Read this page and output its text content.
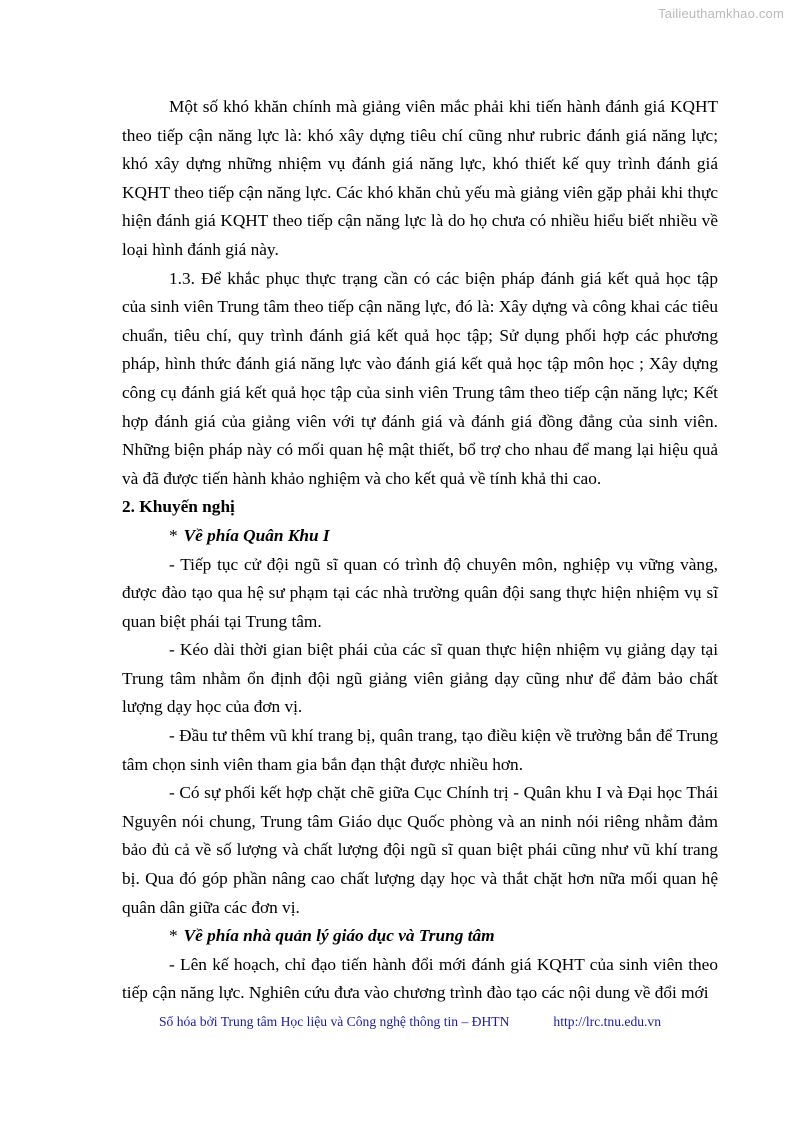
Tailieuthamkhao.com

Một số khó khăn chính mà giảng viên mắc phải khi tiến hành đánh giá KQHT theo tiếp cận năng lực là: khó xây dựng tiêu chí cũng như rubric đánh giá năng lực; khó xây dựng những nhiệm vụ đánh giá năng lực, khó thiết kế quy trình đánh giá KQHT theo tiếp cận năng lực. Các khó khăn chủ yếu mà giảng viên gặp phải khi thực hiện đánh giá KQHT theo tiếp cận năng lực là do họ chưa có nhiều hiểu biết nhiều về loại hình đánh giá này.

1.3. Để khắc phục thực trạng cần có các biện pháp đánh giá kết quả học tập của sinh viên Trung tâm theo tiếp cận năng lực, đó là: Xây dựng và công khai các tiêu chuẩn, tiêu chí, quy trình đánh giá kết quả học tập; Sử dụng phối hợp các phương pháp, hình thức đánh giá năng lực vào đánh giá kết quả học tập môn học ; Xây dựng công cụ đánh giá kết quả học tập của sinh viên Trung tâm theo tiếp cận năng lực; Kết hợp đánh giá của giảng viên với tự đánh giá và đánh giá đồng đẳng của sinh viên. Những biện pháp này có mối quan hệ mật thiết, bổ trợ cho nhau để mang lại hiệu quả và đã được tiến hành khảo nghiệm và cho kết quả về tính khả thi cao.

2. Khuyến nghị

* Về phía Quân Khu I

- Tiếp tục cử đội ngũ sĩ quan có trình độ chuyên môn, nghiệp vụ vững vàng, được đào tạo qua hệ sư phạm tại các nhà trường quân đội sang thực hiện nhiệm vụ sĩ quan biệt phái tại Trung tâm.

- Kéo dài thời gian biệt phái của các sĩ quan thực hiện nhiệm vụ giảng dạy tại Trung tâm nhằm ổn định đội ngũ giảng viên giảng dạy cũng như để đảm bảo chất lượng dạy học của đơn vị.

- Đầu tư thêm vũ khí trang bị, quân trang, tạo điều kiện về trường bắn để Trung tâm chọn sinh viên tham gia bắn đạn thật được nhiều hơn.

- Có sự phối kết hợp chặt chẽ giữa Cục Chính trị - Quân khu I và Đại học Thái Nguyên nói chung, Trung tâm Giáo dục Quốc phòng và an ninh nói riêng nhằm đảm bảo đủ cả về số lượng và chất lượng đội ngũ sĩ quan biệt phái cũng như vũ khí trang bị. Qua đó góp phần nâng cao chất lượng dạy học và thắt chặt hơn nữa mối quan hệ quân dân giữa các đơn vị.

* Về phía nhà quản lý giáo dục và Trung tâm

- Lên kế hoạch, chỉ đạo tiến hành đổi mới đánh giá KQHT của sinh viên theo tiếp cận năng lực. Nghiên cứu đưa vào chương trình đào tạo các nội dung về đổi mới

Số hóa bởi Trung tâm Học liệu và Công nghệ thông tin – ĐHTN	http://lrc.tnu.edu.vn
